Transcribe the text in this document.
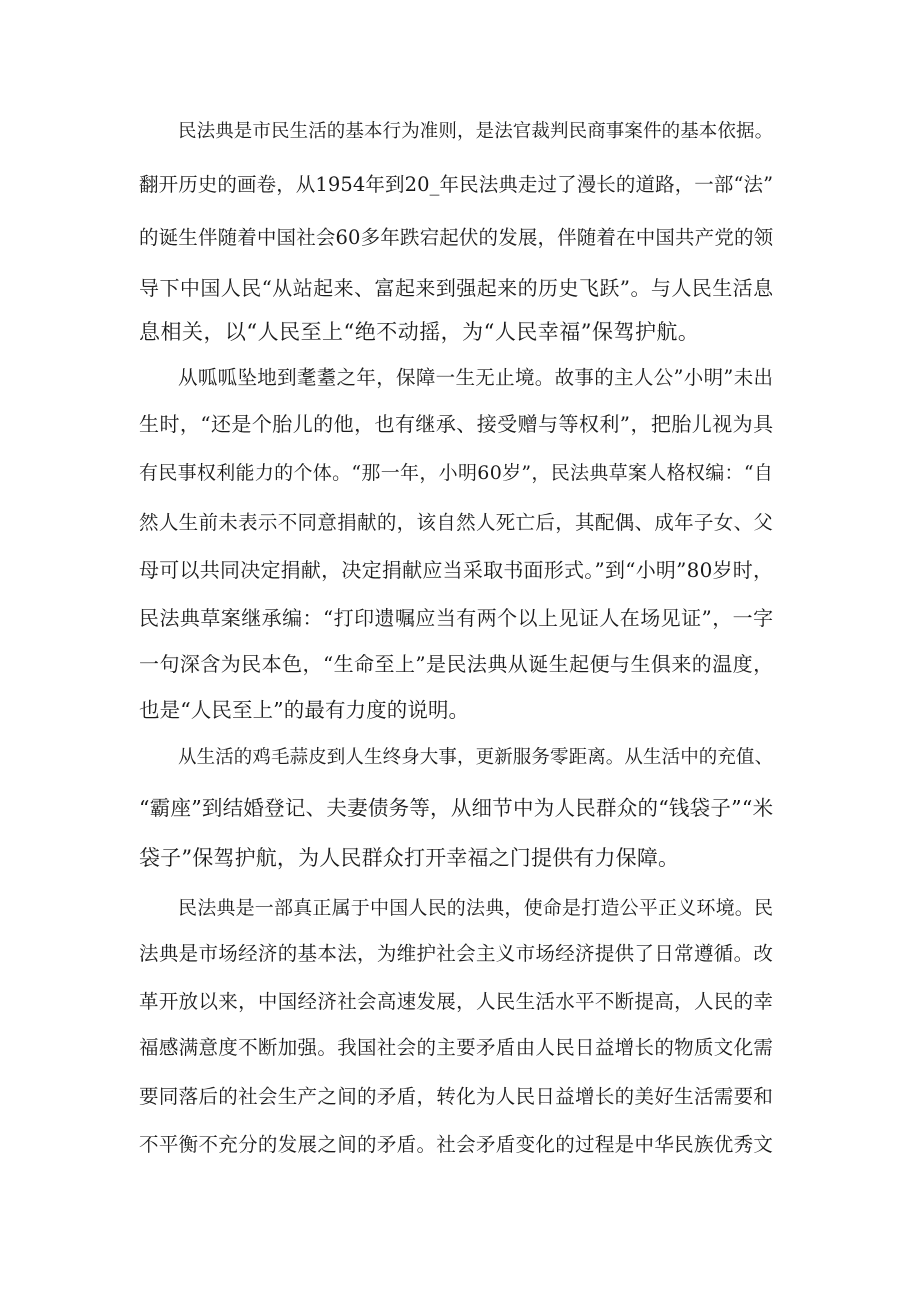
民法典是市民生活的基本行为准则，是法官裁判民商事案件的基本依据。
翻开历史的画卷，从1954年到20_年民法典走过了漫长的道路，一部“法”
的诞生伴随着中国社会60多年跌宕起伏的发展，伴随着在中国共产党的领
导下中国人民“从站起来、富起来到强起来的历史飞跃”。与人民生活息
息相关，以“人民至上“绝不动摇，为“人民幸福”保驾护航。
从呱呱坠地到耄耋之年，保障一生无止境。故事的主人公”小明”未出
生时，“还是个胎儿的他，也有继承、接受赠与等权利”，把胎儿视为具
有民事权利能力的个体。“那一年，小明60岁”，民法典草案人格权编：“自
然人生前未表示不同意捐献的，该自然人死亡后，其配偶、成年子女、父
母可以共同决定捐献，决定捐献应当采取书面形式。”到“小明”80岁时，
民法典草案继承编：“打印遗嘱应当有两个以上见证人在场见证”，一字
一句深含为民本色，“生命至上”是民法典从诞生起便与生俱来的温度，
也是“人民至上”的最有力度的说明。
从生活的鸡毛蒜皮到人生终身大事，更新服务零距离。从生活中的充值、
“霸座”到结婚登记、夫妻债务等，从细节中为人民群众的“钱袋子”“米
袋子”保驾护航，为人民群众打开幸福之门提供有力保障。
民法典是一部真正属于中国人民的法典，使命是打造公平正义环境。民
法典是市场经济的基本法，为维护社会主义市场经济提供了日常遵循。改
革开放以来，中国经济社会高速发展，人民生活水平不断提高，人民的幸
福感满意度不断加强。我国社会的主要矛盾由人民日益增长的物质文化需
要同落后的社会生产之间的矛盾，转化为人民日益增长的美好生活需要和
不平衡不充分的发展之间的矛盾。社会矛盾变化的过程是中华民族优秀文
